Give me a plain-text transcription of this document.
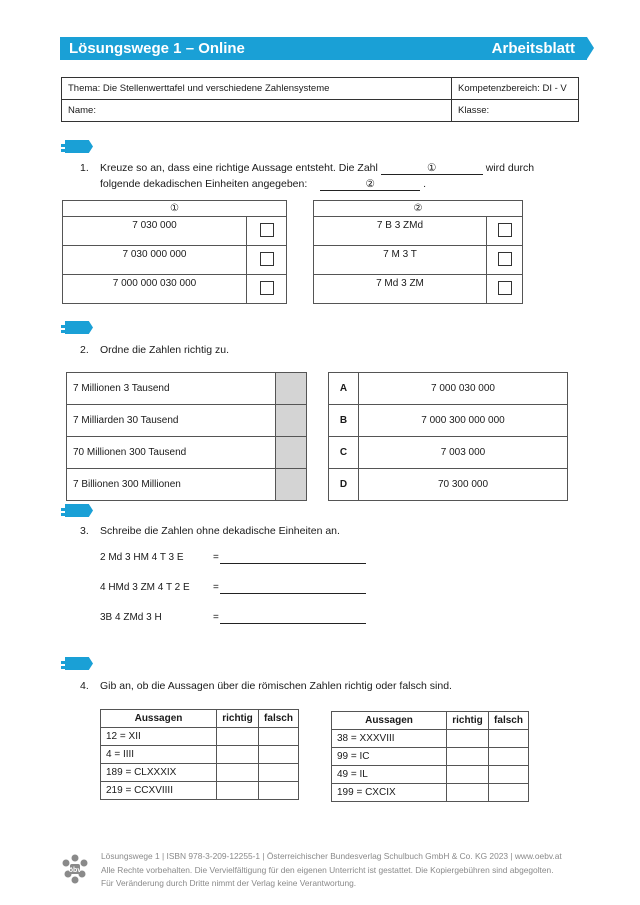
Lösungswege 1 – Online	Arbeitsblatt
Thema: Die Stellenwerttafel und verschiedene Zahlensysteme	Kompetenzbereich: DI - V
Name:	Klasse:
1. Kreuze so an, dass eine richtige Aussage entsteht. Die Zahl	①	wird durch
folgende dekadischen Einheiten angegeben:	②	.
①	
7 030 000	
7 030 000 000	
7 000 000 030 000	
②	
7 B 3 ZMd	
7 M 3 T	
7 Md 3 ZM	
2. Ordne die Zahlen richtig zu.
7 Millionen 3 Tausend	
7 Milliarden 30 Tausend	
70 Millionen 300 Tausend	
7 Billionen 300 Millionen	
A	7 000 030 000
B	7 000 300 000 000
C	7 003 000
D	70 300 000
3. Schreibe die Zahlen ohne dekadische Einheiten an.
2 Md 3 HM 4 T 3 E	=
4 HMd 3 ZM 4 T 2 E =
3B 4 ZMd 3 H	=
4. Gib an, ob die Aussagen über die römischen Zahlen richtig oder falsch sind.
Aussagen	richtig	falsch
12 = XII		
4 = IIII		
189 = CLXXXIX		
219 = CCXVIIII		
Aussagen	richtig	falsch
38 = XXXVIII		
99 = IC		
49 = IL		
199 = CXCIX		
öbv
Lösungswege 1 | ISBN 978-3-209-12255-1 | Österreichischer Bundesverlag Schulbuch GmbH & Co. KG 2023 | www.oebv.at
Alle Rechte vorbehalten. Die Vervielfältigung für den eigenen Unterricht ist gestattet. Die Kopiergebühren sind abgegolten.
Für Veränderung durch Dritte nimmt der Verlag keine Verantwortung.
